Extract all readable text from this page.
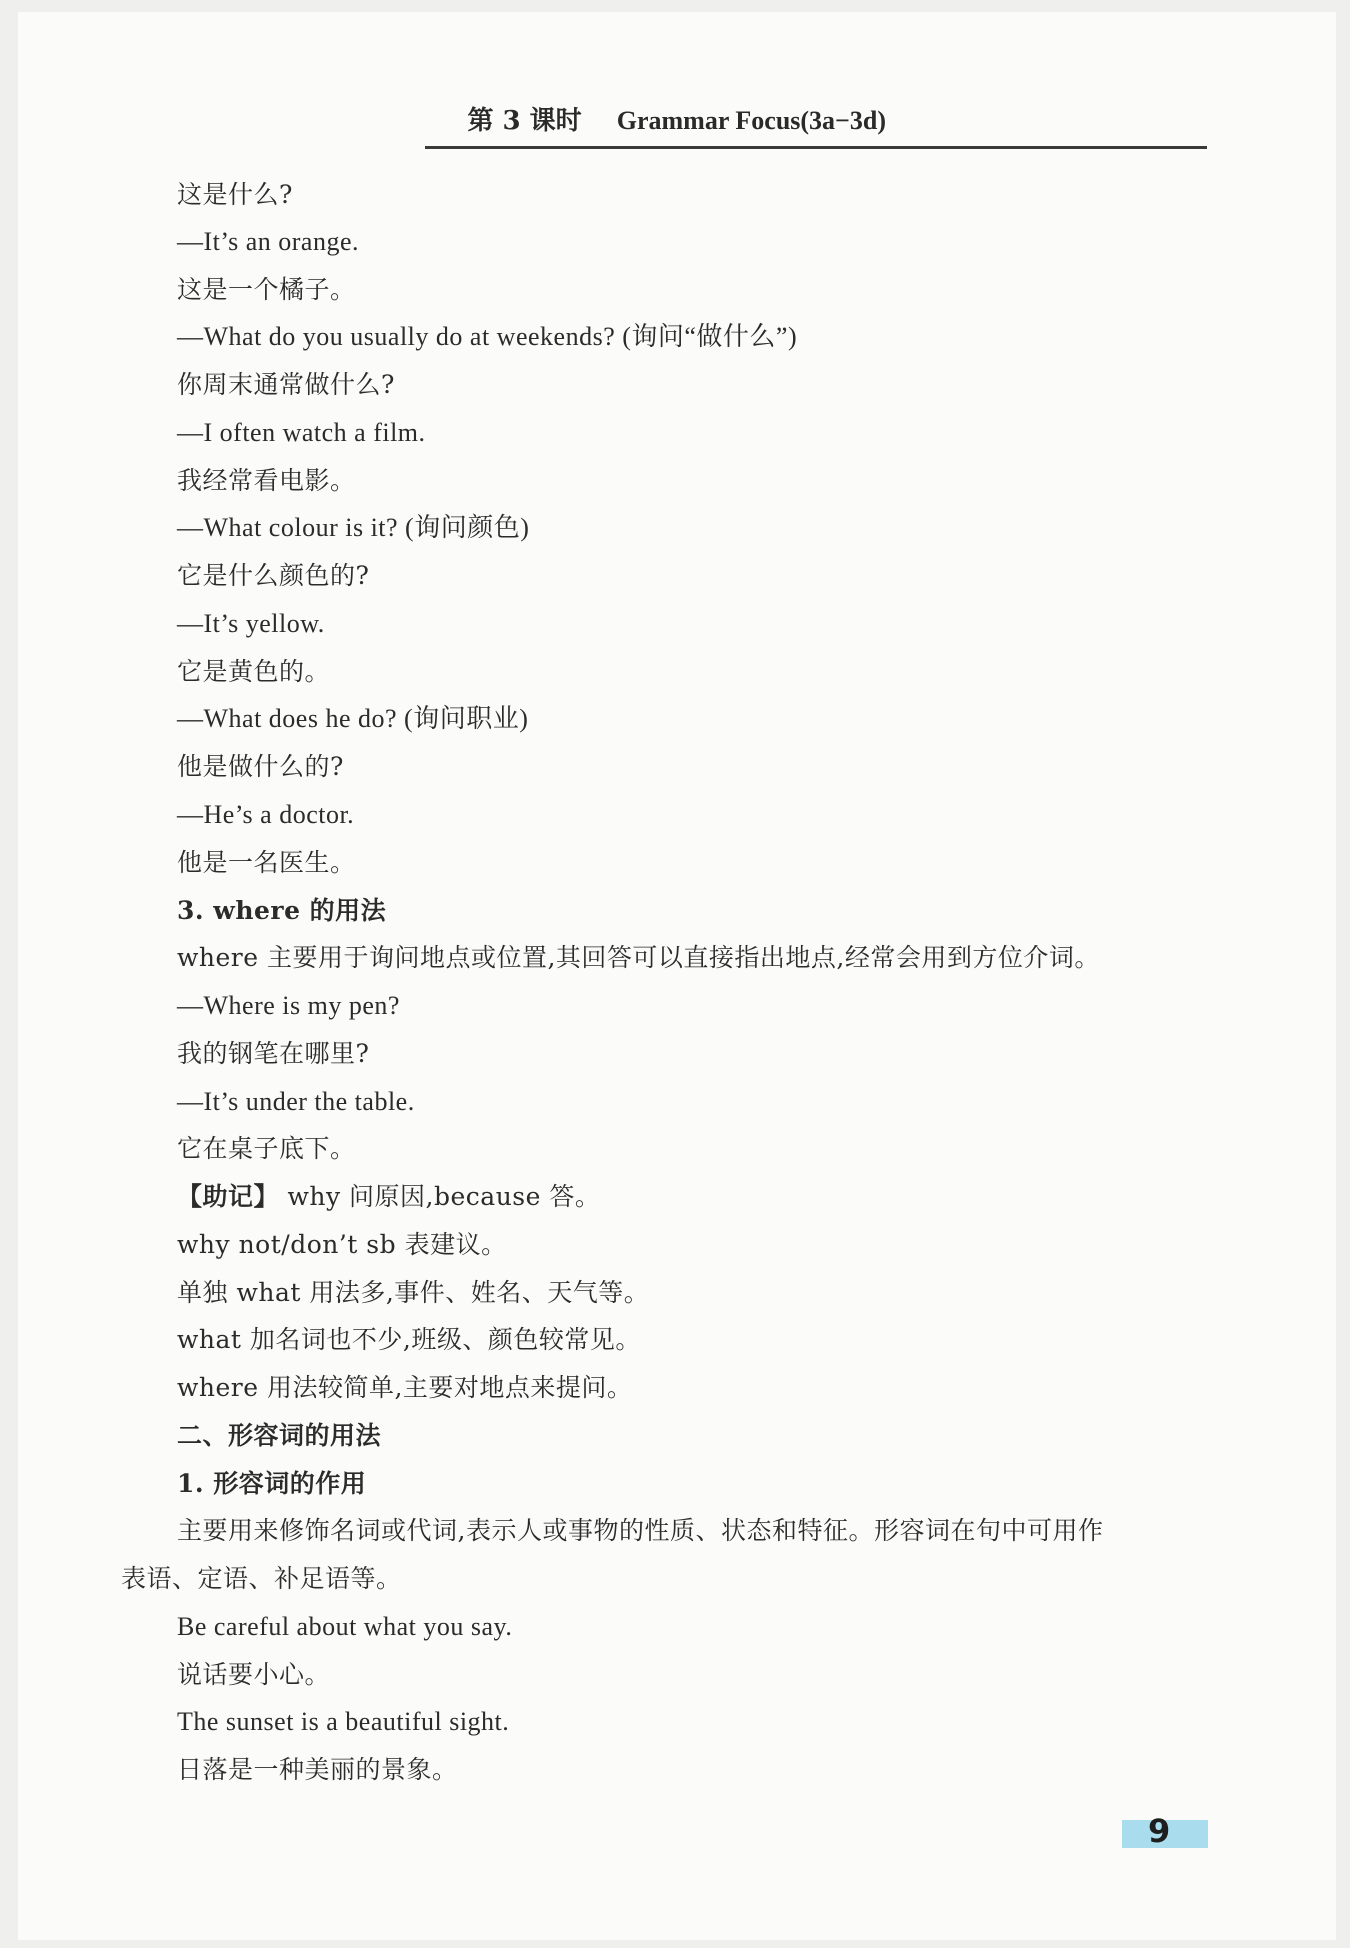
第 3 课时 Grammar Focus(3a−3d)
这是什么?
—It’s an orange.
这是一个橘子。
—What do you usually do at weekends? (询问“做什么”)
你周末通常做什么?
—I often watch a film.
我经常看电影。
—What colour is it? (询问颜色)
它是什么颜色的?
—It’s yellow.
它是黄色的。
—What does he do? (询问职业)
他是做什么的?
—He’s a doctor.
他是一名医生。
3. where 的用法
where 主要用于询问地点或位置,其回答可以直接指出地点,经常会用到方位介词。
—Where is my pen?
我的钢笔在哪里?
—It’s under the table.
它在桌子底下。
【助记】 why 问原因,because 答。
why not/don’t sb 表建议。
单独 what 用法多,事件、姓名、天气等。
what 加名词也不少,班级、颜色较常见。
where 用法较简单,主要对地点来提问。
二、形容词的用法
1. 形容词的作用
主要用来修饰名词或代词,表示人或事物的性质、状态和特征。形容词在句中可用作
表语、定语、补足语等。
Be careful about what you say.
说话要小心。
The sunset is a beautiful sight.
日落是一种美丽的景象。
9
